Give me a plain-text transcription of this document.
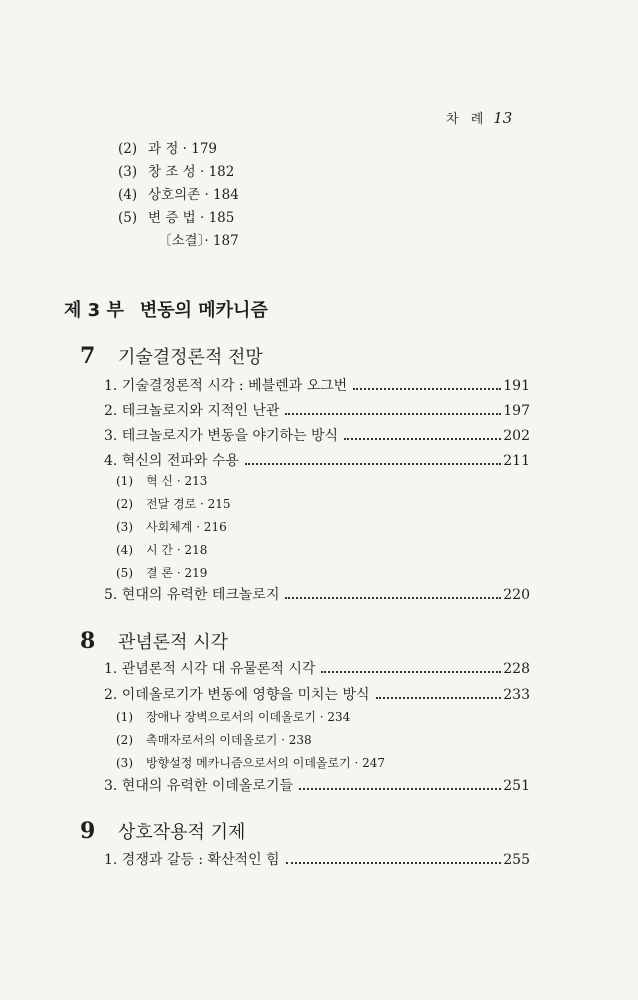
차 례 13
(2) 과 정 · 179
(3) 창 조 성 · 182
(4) 상호의존 · 184
(5) 변 증 법 · 185
〔소결〕· 187
제 3 부 변동의 메카니즘
7 기술결정론적 전망
1. 기술결정론적 시각 : 베블렌과 오그번	191
2. 테크놀로지와 지적인 난관	197
3. 테크놀로지가 변동을 야기하는 방식	202
4. 혁신의 전파와 수용	211
(1) 혁 신 · 213
(2) 전달 경로 · 215
(3) 사회체계 · 216
(4) 시 간 · 218
(5) 결 론 · 219
5. 현대의 유력한 테크놀로지	220
8 관념론적 시각
1. 관념론적 시각 대 유물론적 시각	228
2. 이데올로기가 변동에 영향을 미치는 방식	233
(1) 장애나 장벽으로서의 이데올로기 · 234
(2) 촉매자로서의 이데올로기 · 238
(3) 방향설정 메카니즘으로서의 이데올로기 · 247
3. 현대의 유력한 이데올로기들	251
9 상호작용적 기제
1. 경쟁과 갈등 : 확산적인 힘	255
